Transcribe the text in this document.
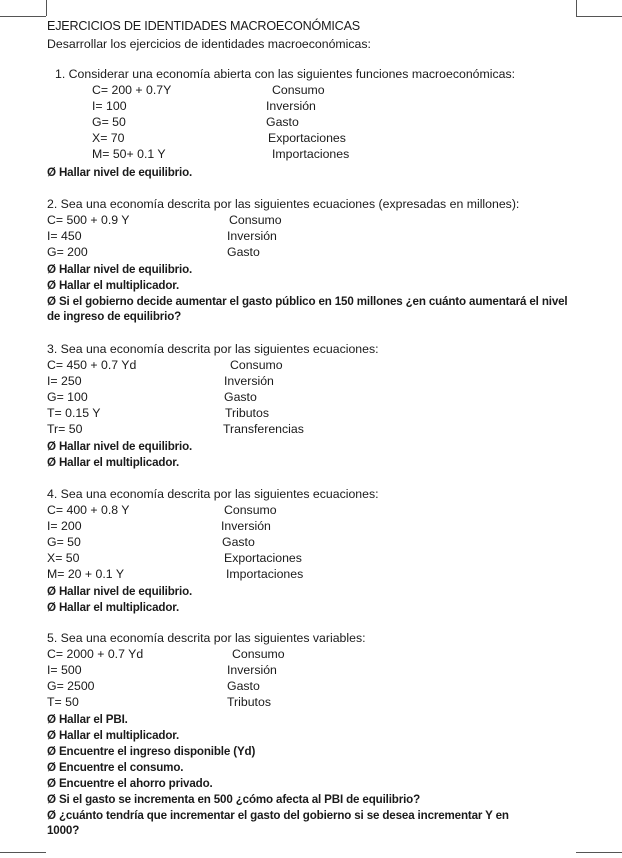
EJERCICIOS DE IDENTIDADES MACROECONÓMICAS
Desarrollar los ejercicios de identidades macroeconómicas:
1. Considerar una economía abierta con las siguientes funciones macroeconómicas:
C= 200 + 0.7Y	Consumo
I= 100	Inversión
G= 50	Gasto
X= 70	Exportaciones
M= 50+ 0.1 Y	Importaciones
Ø Hallar nivel de equilibrio.
2. Sea una economía descrita por las siguientes ecuaciones (expresadas en millones):
C= 500 + 0.9 Y	Consumo
I= 450	Inversión
G= 200	Gasto
Ø Hallar nivel de equilibrio.
Ø Hallar el multiplicador.
Ø Si el gobierno decide aumentar el gasto público en 150 millones ¿en cuánto aumentará el nivel de ingreso de equilibrio?
3. Sea una economía descrita por las siguientes ecuaciones:
C= 450 + 0.7 Yd	Consumo
I= 250	Inversión
G= 100	Gasto
T= 0.15 Y	Tributos
Tr= 50	Transferencias
Ø Hallar nivel de equilibrio.
Ø Hallar el multiplicador.
4. Sea una economía descrita por las siguientes ecuaciones:
C= 400 + 0.8 Y	Consumo
I= 200	Inversión
G= 50	Gasto
X= 50	Exportaciones
M= 20 + 0.1 Y	Importaciones
Ø Hallar nivel de equilibrio.
Ø Hallar el multiplicador.
5. Sea una economía descrita por las siguientes variables:
C= 2000 + 0.7 Yd	Consumo
I= 500	Inversión
G= 2500	Gasto
T= 50	Tributos
Ø Hallar el PBI.
Ø Hallar el multiplicador.
Ø Encuentre el ingreso disponible (Yd)
Ø Encuentre el consumo.
Ø Encuentre el ahorro privado.
Ø Si el gasto se incrementa en 500 ¿cómo afecta al PBI de equilibrio?
Ø ¿cuánto tendría que incrementar el gasto del gobierno si se desea incrementar Y en 1000?
